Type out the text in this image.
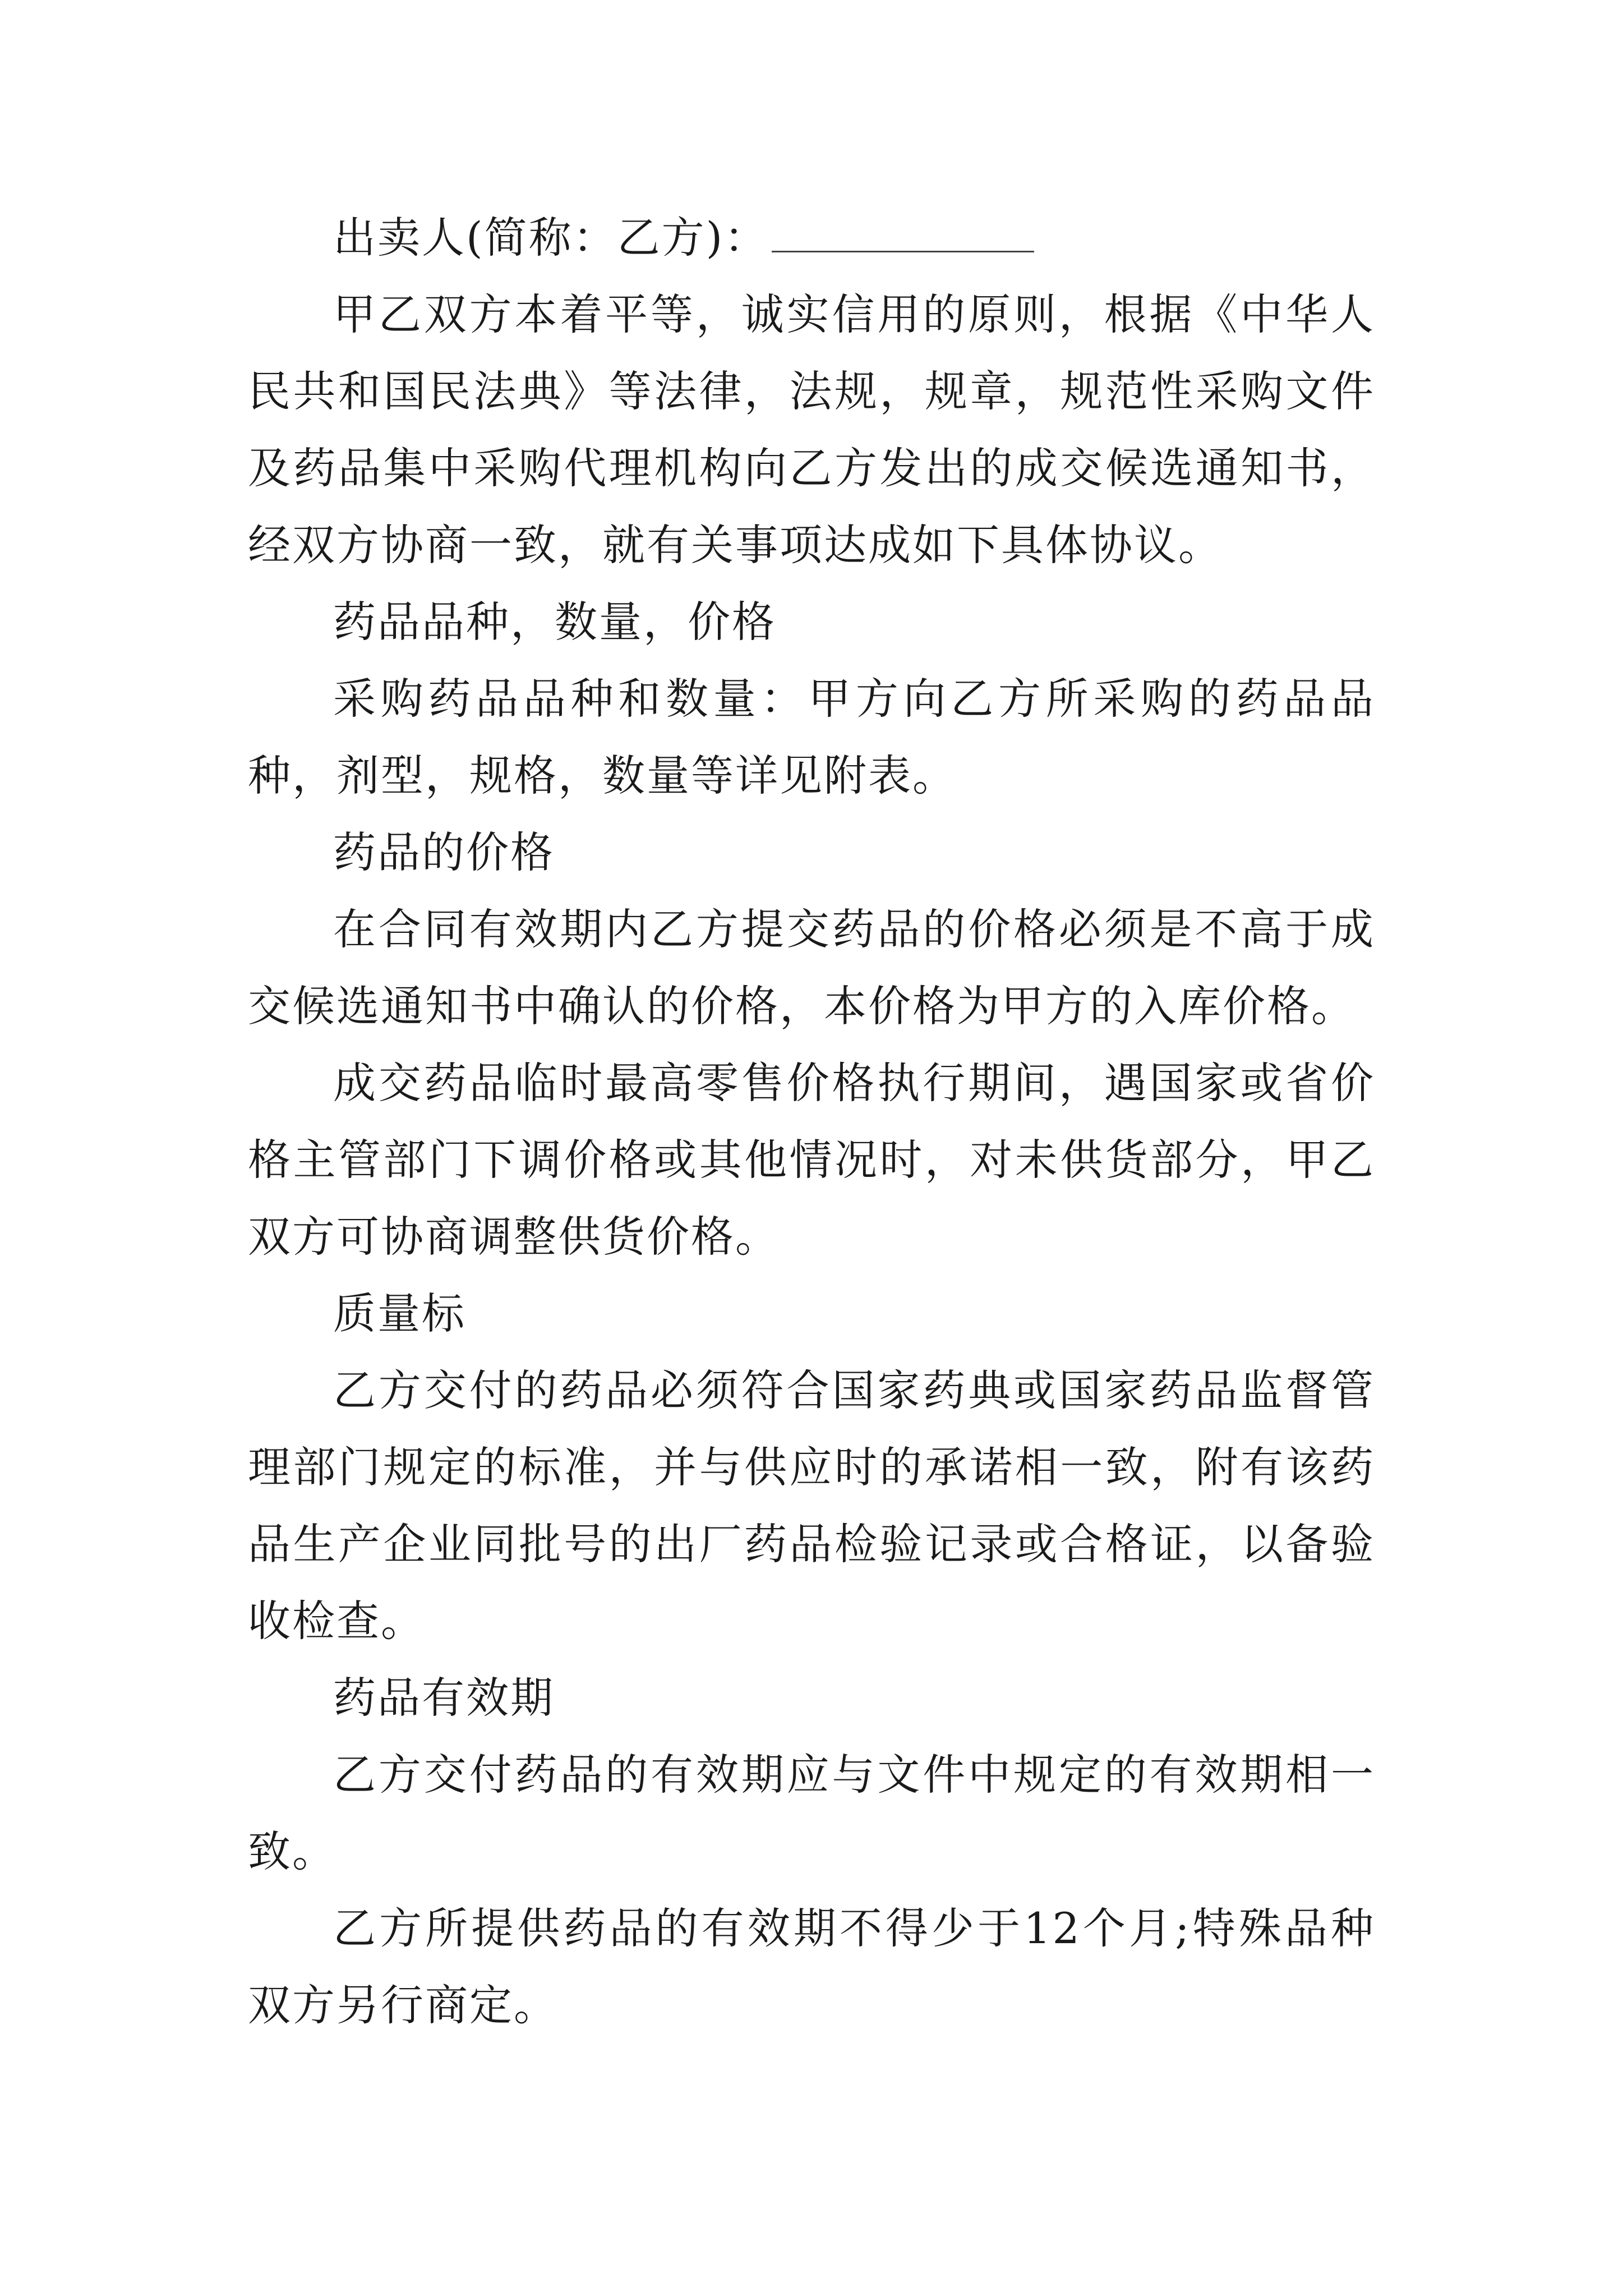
出卖人(简称：乙方)：

甲乙双方本着平等，诚实信用的原则，根据《中华人民共和国民法典》等法律，法规，规章，规范性采购文件及药品集中采购代理机构向乙方发出的成交候选通知书，经双方协商一致，就有关事项达成如下具体协议。

药品品种，数量，价格

采购药品品种和数量：甲方向乙方所采购的药品品种，剂型，规格，数量等详见附表。

药品的价格

在合同有效期内乙方提交药品的价格必须是不高于成交候选通知书中确认的价格，本价格为甲方的入库价格。

成交药品临时最高零售价格执行期间，遇国家或省价格主管部门下调价格或其他情况时，对未供货部分，甲乙双方可协商调整供货价格。

质量标

乙方交付的药品必须符合国家药典或国家药品监督管理部门规定的标准，并与供应时的承诺相一致，附有该药品生产企业同批号的出厂药品检验记录或合格证，以备验收检查。

药品有效期

乙方交付药品的有效期应与文件中规定的有效期相一致。

乙方所提供药品的有效期不得少于12个月;特殊品种双方另行商定。
